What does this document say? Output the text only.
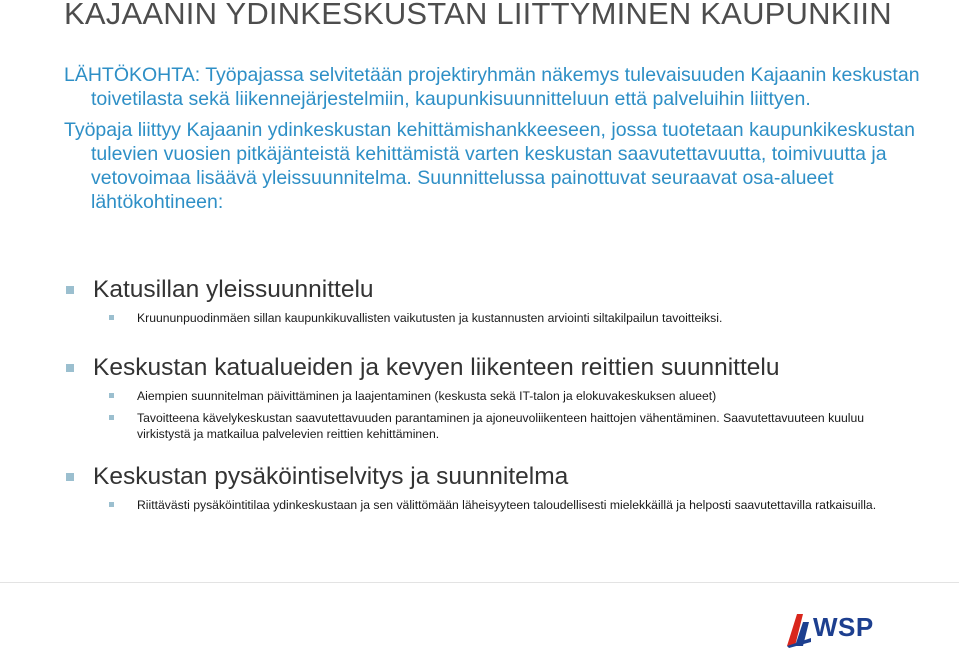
KAJAANIN YDINKESKUSTAN LIITTYMINEN KAUPUNKIIN

LÄHTÖKOHTA: Työpajassa selvitetään projektiryhmän näkemys tulevaisuuden Kajaanin keskustan toivetilasta sekä liikennejärjestelmiin, kaupunkisuunnitteluun että palveluihin liittyen.

Työpaja liittyy Kajaanin ydinkeskustan kehittämishankkeeseen, jossa tuotetaan kaupunkikeskustan tulevien vuosien pitkäjänteistä kehittämistä varten keskustan saavutettavuutta, toimivuutta ja vetovoimaa lisäävä yleissuunnitelma. Suunnittelussa painottuvat seuraavat osa-alueet lähtökohtineen:

Katusillan yleissuunnittelu
Kruununpuodinmäen sillan kaupunkikuvallisten vaikutusten ja kustannusten arviointi siltakilpailun tavoitteiksi.
Keskustan katualueiden ja kevyen liikenteen reittien suunnittelu
Aiempien suunnitelman päivittäminen ja laajentaminen (keskusta sekä IT-talon ja elokuvakeskuksen alueet)
Tavoitteena kävelykeskustan saavutettavuuden parantaminen ja ajoneuvoliikenteen haittojen vähentäminen. Saavutettavuuteen kuuluu virkistystä ja matkailua palvelevien reittien kehittäminen.
Keskustan pysäköintiselvitys ja suunnitelma
Riittävästi pysäköintitilaa ydinkeskustaan ja sen välittömään läheisyyteen taloudellisesti mielekkäillä ja helposti saavutettavilla ratkaisuilla.
WSP
